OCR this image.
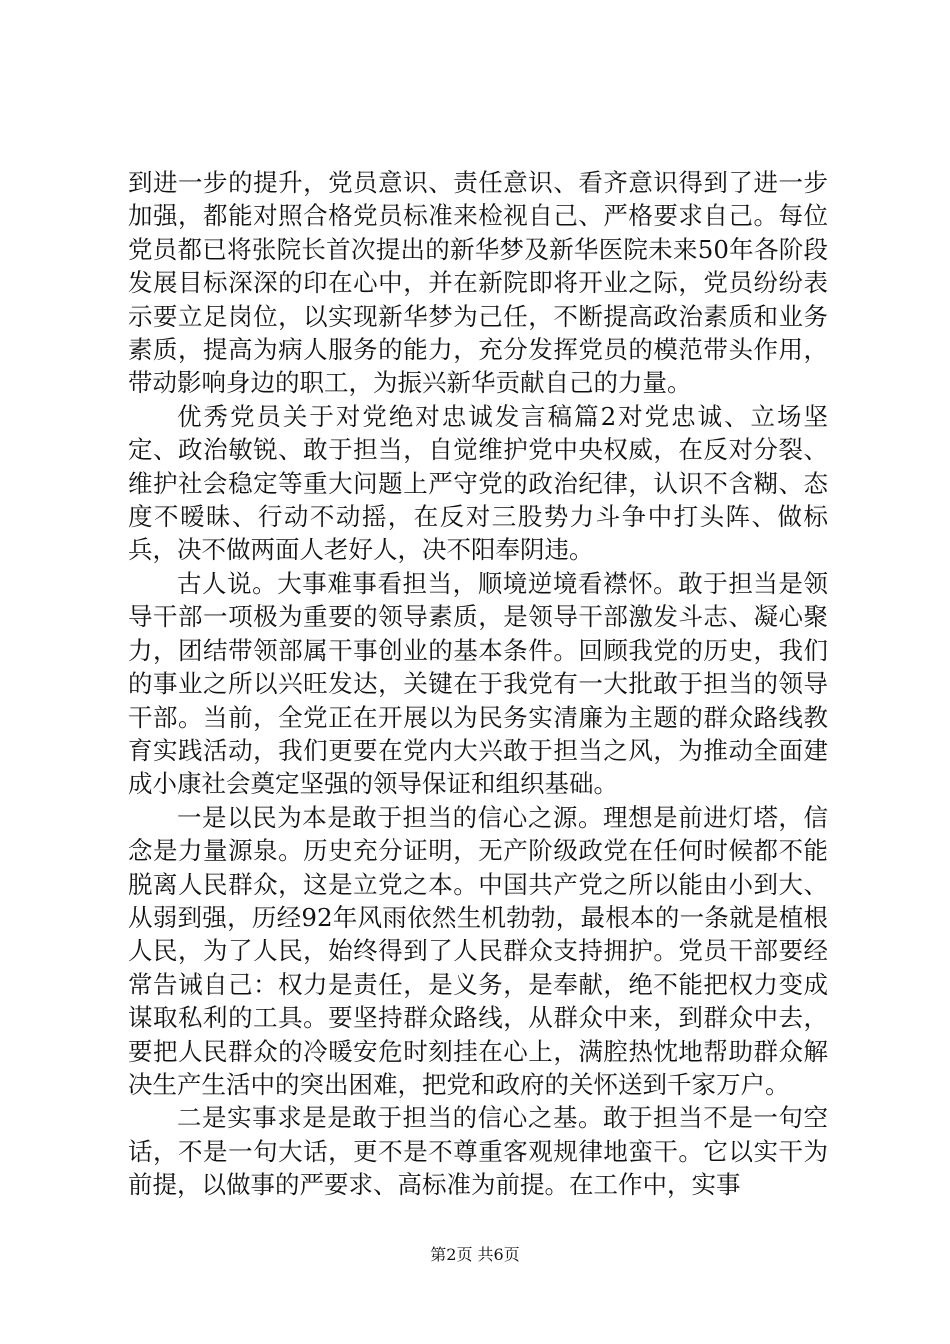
到进一步的提升，党员意识、责任意识、看齐意识得到了进一步加强，都能对照合格党员标准来检视自己、严格要求自己。每位党员都已将张院长首次提出的新华梦及新华医院未来50年各阶段发展目标深深的印在心中，并在新院即将开业之际，党员纷纷表示要立足岗位，以实现新华梦为己任，不断提高政治素质和业务素质，提高为病人服务的能力，充分发挥党员的模范带头作用，带动影响身边的职工，为振兴新华贡献自己的力量。

优秀党员关于对党绝对忠诚发言稿篇2对党忠诚、立场坚定、政治敏锐、敢于担当，自觉维护党中央权威，在反对分裂、维护社会稳定等重大问题上严守党的政治纪律，认识不含糊、态度不暧昧、行动不动摇，在反对三股势力斗争中打头阵、做标兵，决不做两面人老好人，决不阳奉阴违。

古人说。大事难事看担当，顺境逆境看襟怀。敢于担当是领导干部一项极为重要的领导素质，是领导干部激发斗志、凝心聚力，团结带领部属干事创业的基本条件。回顾我党的历史，我们的事业之所以兴旺发达，关键在于我党有一大批敢于担当的领导干部。当前，全党正在开展以为民务实清廉为主题的群众路线教育实践活动，我们更要在党内大兴敢于担当之风，为推动全面建成小康社会奠定坚强的领导保证和组织基础。

一是以民为本是敢于担当的信心之源。理想是前进灯塔，信念是力量源泉。历史充分证明，无产阶级政党在任何时候都不能脱离人民群众，这是立党之本。中国共产党之所以能由小到大、从弱到强，历经92年风雨依然生机勃勃，最根本的一条就是植根人民，为了人民，始终得到了人民群众支持拥护。党员干部要经常告诫自己：权力是责任，是义务，是奉献，绝不能把权力变成谋取私利的工具。要坚持群众路线，从群众中来，到群众中去，要把人民群众的冷暖安危时刻挂在心上，满腔热忱地帮助群众解决生产生活中的突出困难，把党和政府的关怀送到千家万户。

二是实事求是是敢于担当的信心之基。敢于担当不是一句空话，不是一句大话，更不是不尊重客观规律地蛮干。它以实干为前提，以做事的严要求、高标准为前提。在工作中，实事

第2页 共6页
